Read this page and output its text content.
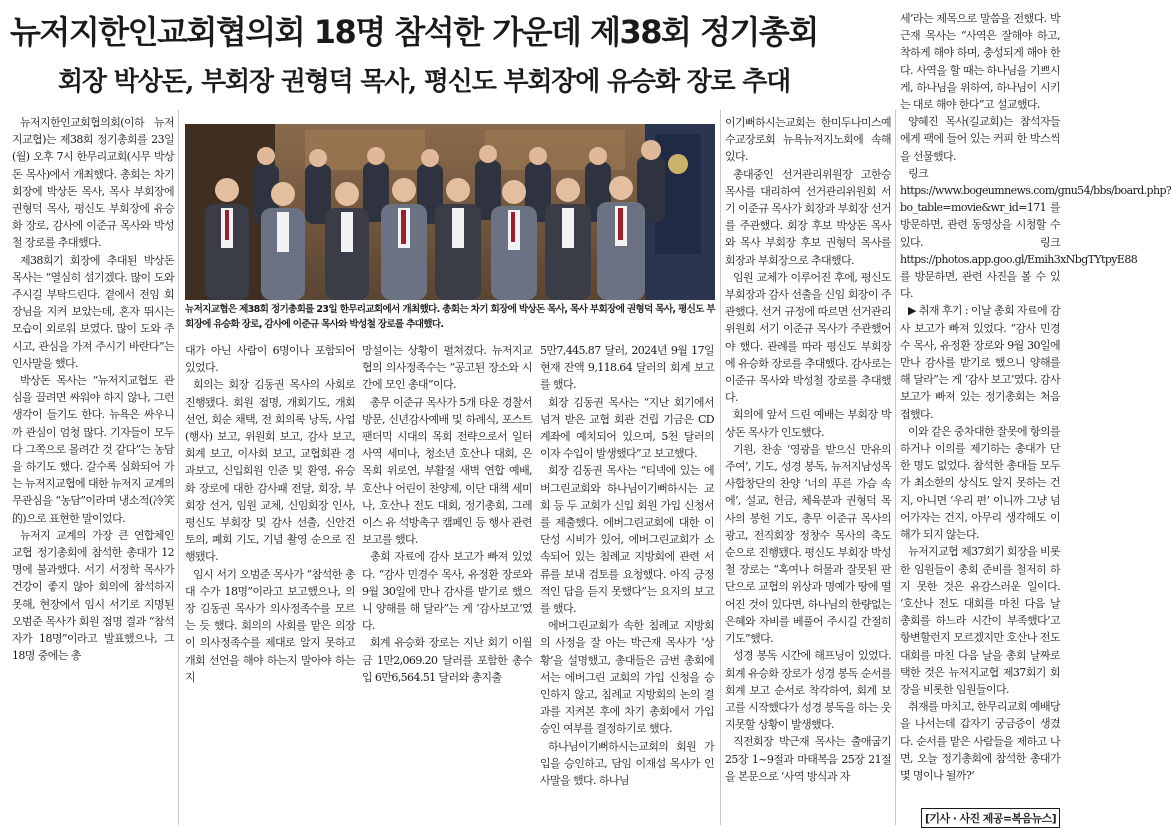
뉴저지한인교회협의회 18명 참석한 가운데 제38회 정기총회
회장 박상돈, 부회장 권형덕 목사, 평신도 부회장에 유승화 장로 추대

뉴저지한인교회협의회(이하 뉴저지교협)는 제38회 정기총회를 23일(월) 오후 7시 한무리교회(시무 박상돈 목사)에서 개최했다. 총회는 차기 회장에 박상돈 목사, 목사 부회장에 권형덕 목사, 평신도 부회장에 유승화 장로, 감사에 이준규 목사와 박성철 장로를 추대했다.

제38회기 회장에 추대된 박상돈 목사는 “열심히 섬기겠다. 많이 도와 주시길 부탁드린다. 곁에서 전임 회장님을 지켜 보았는데, 혼자 뛰시는 모습이 외로워 보였다. 많이 도와 주시고, 관심을 가져 주시기 바란다”는 인사말을 했다.

박상돈 목사는 “뉴저지교협도 관심을 끌려면 싸워야 하지 않나, 그런 생각이 들기도 한다. 뉴욕은 싸우니까 관심이 엄청 많다. 기자들이 모두 다 그쪽으로 몰려간 것 같다”는 농담을 하기도 했다. 갈수록 심화되어 가는 뉴저지교협에 대한 뉴저지 교계의 무관심을 “농담”이라며 냉소적(冷笑的)으로 표현한 말이었다.

뉴저지 교계의 가장 큰 연합체인 교협 정기총회에 참석한 총대가 12명에 불과했다. 서기 서정학 목사가 건강이 좋지 않아 회의에 참석하지 못해, 현장에서 임시 서기로 지명된 오범준 목사가 회원 점명 결과 “참석자가 18명”이라고 발표했으나, 그 18명 중에는 총

뉴저지교협은 제38회 정기총회를 23일 한무리교회에서 개최했다. 총회는 차기 회장에 박상돈 목사, 목사 부회장에 권형덕 목사, 평신도 부회장에 유승화 장로, 감사에 이준규 목사와 박성철 장로를 추대했다.

대가 아닌 사람이 6명이나 포함되어 있었다.

회의는 회장 김동권 목사의 사회로 진행됐다. 회원 점명, 개회기도, 개회 선언, 회순 채택, 전 회의록 낭독, 사업(행사) 보고, 위원회 보고, 감사 보고, 회계 보고, 이사회 보고, 교협회관 경과보고, 신입회원 인준 및 환영, 유승화 장로에 대한 감사패 전달, 회장, 부회장 선거, 임원 교체, 신임회장 인사, 평신도 부회장 및 감사 선출, 신안건 토의, 폐회 기도, 기념 촬영 순으로 진행됐다.

임시 서기 오범준 목사가 “참석한 총대 수가 18명”이라고 보고했으나, 의장 김동권 목사가 의사정족수를 모르는 듯 했다. 회의의 사회를 맡은 의장이 의사정족수를 제대로 알지 못하고 개회 선언을 해야 하는지 말아야 하는지

망설이는 상황이 펼쳐졌다. 뉴저지교협의 의사정족수는 “공고된 장소와 시간에 모인 총대”이다.

총무 이준규 목사가 5개 타운 경찰서 방문, 신년감사예배 및 하례식, 포스트 팬더믹 시대의 목회 전략으로서 일터 사역 세미나, 청소년 호산나 대회, 은목회 위로연, 부활절 새벽 연합 예배, 호산나 어린이 찬양제, 이단 대책 세미나, 호산나 전도 대회, 정기총회, 그레이스 유 석방촉구 캠페인 등 행사 관련 보고를 했다.

총회 자료에 감사 보고가 빠져 있었다. “감사 민경수 목사, 유정환 장로와 9월 30일에 만나 감사를 받기로 했으니 양해를 해 달라”는 게 ‘감사보고’였다.

회계 유승화 장로는 지난 회기 이월금 1만2,069.20 달러를 포함한 총수입 6만6,564.51 달러와 총지출

5만7,445.87 달러, 2024년 9월 17일 현재 잔액 9,118.64 달러의 회계 보고를 했다.

회장 김동권 목사는 “지난 회기에서 넘겨 받은 교협 회관 건립 기금은 CD 계좌에 예치되어 있으며, 5천 달러의 이자 수입이 발생했다”고 보고했다.

회장 김동권 목사는 “티넥에 있는 에버그린교회와 하나님이기뻐하시는 교회 등 두 교회가 신입 회원 가입 신청서를 제출했다. 에버그린교회에 대한 이단성 시비가 있어, 에버그린교회가 소속되어 있는 침례교 지방회에 관련 서류를 보내 검토를 요청했다. 아직 긍정적인 답을 듣지 못했다”는 요지의 보고를 했다.

에버그린교회가 속한 침례교 지방회의 사정을 잘 아는 박근재 목사가 ‘상황’을 설명했고, 총대들은 금번 총회에서는 에버그린 교회의 가입 신청을 승인하지 않고, 침례교 지방회의 논의 결과를 지켜본 후에 차기 총회에서 가입 승인 여부를 결정하기로 했다.

하나님이기뻐하시는교회의 회원 가입을 승인하고, 담임 이재섭 목사가 인사말을 했다. 하나님

이기뻐하시는교회는 한미두나미스예수교장로회 뉴욕뉴저지노회에 속해 있다.

총대중인 선거관리위원장 고한승 목사를 대리하여 선거관리위원회 서기 이준규 목사가 회장과 부회장 선거를 주관했다. 회장 후보 박상돈 목사와 목사 부회장 후보 권형덕 목사를 회장과 부회장으로 추대했다.

임원 교체가 이루어진 후에, 평신도 부회장과 감사 선출을 신임 회장이 주관했다. 선거 규정에 따르면 선거관리위원회 서기 이준규 목사가 주관했어야 했다. 관례를 따라 평신도 부회장에 유승화 장로를 추대했다. 감사로는 이준규 목사와 박성철 장로를 추대했다.

회의에 앞서 드린 예배는 부회장 박상돈 목사가 인도했다.

기원, 찬송 ‘영광을 받으신 만유의 주여’, 기도, 성경 봉독, 뉴저지남성목사합창단의 찬양 ‘너의 푸른 가슴 속에’, 설교, 헌금, 체육분과 권형덕 목사의 봉헌 기도, 총무 이준규 목사의 광고, 전직회장 정창수 목사의 축도 순으로 진행됐다. 평신도 부회장 박성철 장로는 “혹여나 허물과 잘못된 판단으로 교협의 위상과 명예가 땅에 떨어진 것이 있다면, 하나님의 한량없는 은혜와 자비를 베풀어 주시길 간절히 기도”했다.

성경 봉독 시간에 해프닝이 있었다. 회계 유승화 장로가 성경 봉독 순서를 회계 보고 순서로 착각하여, 회계 보고를 시작했다가 성경 봉독을 하는 웃지못할 상황이 발생했다.

직전회장 박근재 목사는 출애굽기 25장 1~9절과 마태복음 25장 21절을 본문으로 ‘사역 방식과 자

세’라는 제목으로 말씀을 전했다. 박근재 목사는 “사역은 잘해야 하고, 착하게 해야 하며, 충성되게 해야 한다. 사역을 할 때는 하나님을 기쁘시게, 하나님을 위하여, 하나님이 시키는 대로 해야 한다”고 설교했다.

양혜진 목사(길교회)는 참석자들에게 팩에 들어 있는 커피 한 박스씩을 선물했다.

링크 https://www.bogeumnews.com/gnu54/bbs/board.php?bo_table=movie&wr_id=171 를 방문하면, 관련 동영상을 시청할 수 있다. 링크 https://photos.app.goo.gl/Emih3xNbgTYtpyE88를 방문하면, 관련 사진을 볼 수 있다.

▶ 취재 후기 : 이날 총회 자료에 감사 보고가 빠져 있었다. “감사 민경수 목사, 유정환 장로와 9월 30일에 만나 감사를 받기로 했으니 양해를 해 달라”는 게 ‘감사 보고’였다. 감사 보고가 빠져 있는 정기총회는 처음 접했다.

이와 같은 중차대한 잘못에 항의를 하거나 이의를 제기하는 총대가 단 한 명도 없었다. 참석한 총대들 모두가 최소한의 상식도 알지 못하는 건지, 아니면 ‘우리 편’ 이니까 그냥 넘어가자는 건지, 아무리 생각해도 이해가 되지 않는다.

뉴저지교협 제37회기 회장을 비롯한 임원들이 총회 준비를 철저히 하지 못한 것은 유감스러운 일이다. ‘호산나 전도 대회를 마친 다음 날 총회를 하느라 시간이 부족했다’고 항변할런지 모르겠지만 호산나 전도 대회를 마친 다음 날을 총회 날짜로 택한 것은 뉴저지교협 제37회기 회장을 비롯한 임원들이다.

취재를 마치고, 한무리교회 예배당을 나서는데 갑자기 궁금증이 생겼다. 순서를 맡은 사람들을 제하고 나면, 오늘 정기총회에 참석한 총대가 몇 명이나 될까?‘

[기사 · 사진 제공=복음뉴스]
